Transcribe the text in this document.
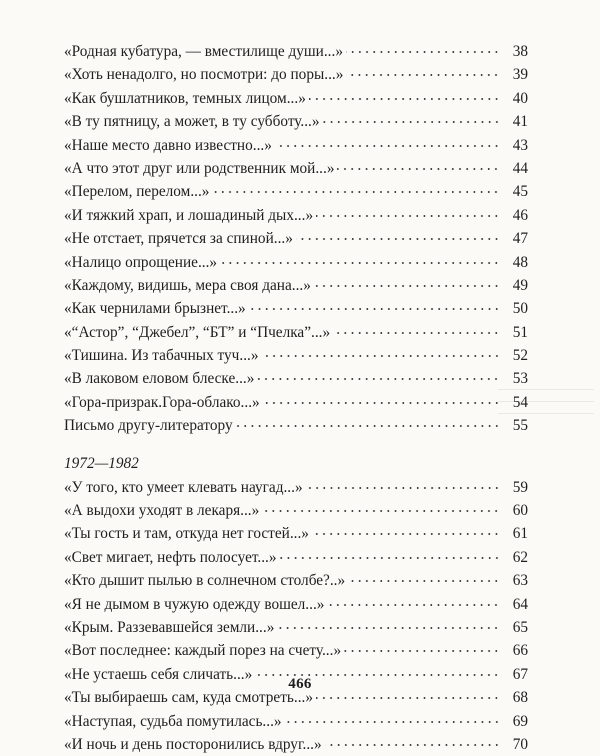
«Родная кубатура, — вместилище души...»	38
«Хоть ненадолго, но посмотри: до поры...»	39
«Как бушлатников, темных лицом...»	40
«В ту пятницу, а может, в ту субботу...»	41
«Наше место давно известно...»	43
«А что этот друг или родственник мой...»	44
«Перелом, перелом...»	45
«И тяжкий храп, и лошадиный дых...»	46
«Не отстает, прячется за спиной...»	47
«Налицо опрощение...»	48
«Каждому, видишь, мера своя дана...»	49
«Как чернилами брызнет...»	50
«“Астор”, “Джебел”, “БТ” и “Пчелка”...»	51
«Тишина. Из табачных туч...»	52
«В лаковом еловом блеске...»	53
«Гора-призрак.Гора-облако...»	54
Письмо другу-литератору	55
1972—1982
«У того, кто умеет клевать наугад...»	59
«А выдохи уходят в лекаря...»	60
«Ты гость и там, откуда нет гостей...»	61
«Свет мигает, нефть полосует...»	62
«Кто дышит пылью в солнечном столбе?..»	63
«Я не дымом в чужую одежду вошел...»	64
«Крым. Раззевавшейся земли...»	65
«Вот последнее: каждый порез на счету...»	66
«Не устаешь себя сличать...»	67
«Ты выбираешь сам, куда смотреть...»	68
«Наступая, судьба помутилась...»	69
«И ночь и день посторонились вдруг...»	70
466
